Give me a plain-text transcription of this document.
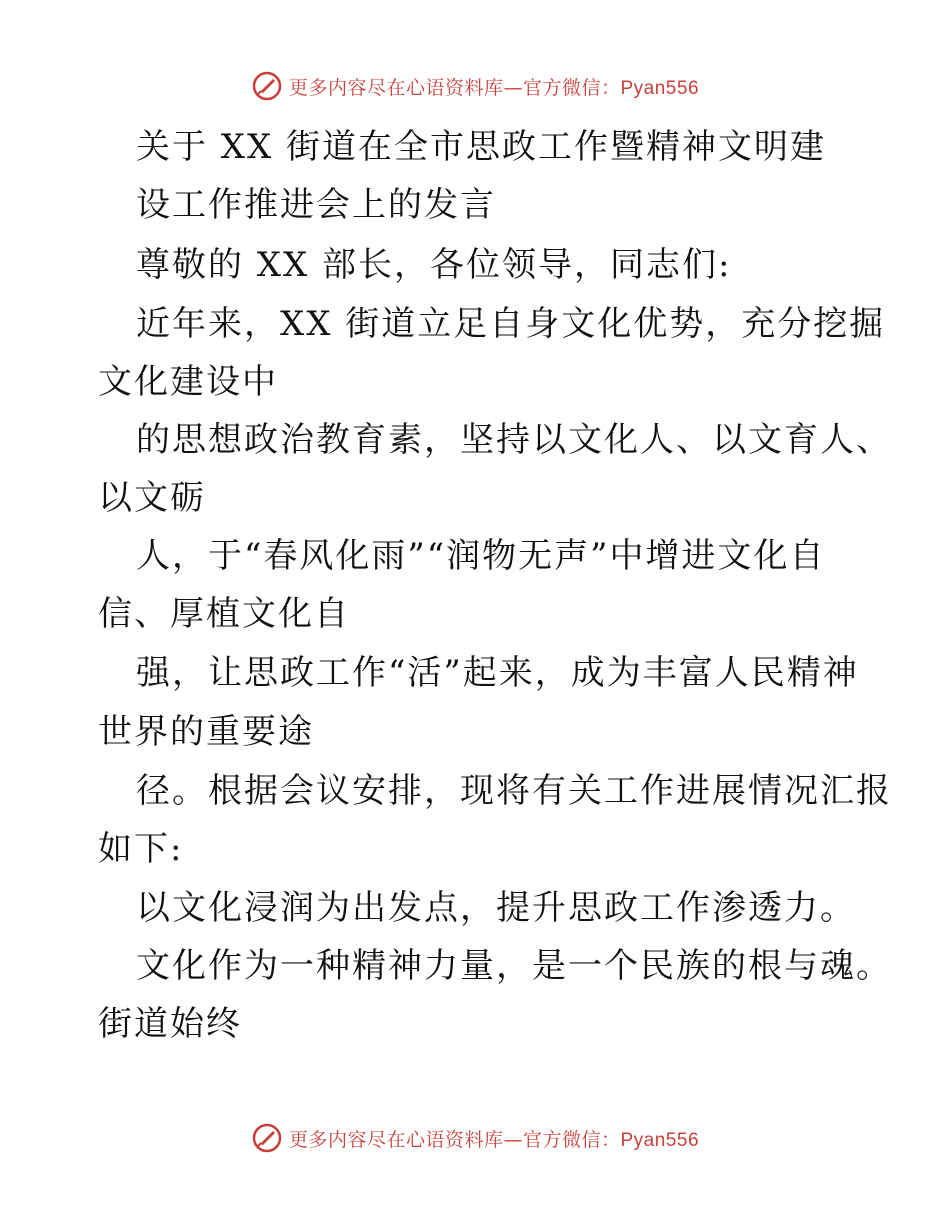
更多内容尽在心语资料库—官方微信：Pyan556
关于 XX 街道在全市思政工作暨精神文明建
设工作推进会上的发言
尊敬的 XX 部长，各位领导，同志们:
近年来，XX 街道立足自身文化优势，充分挖掘
文化建设中
的思想政治教育素，坚持以文化人、以文育人、
以文砺
人，于“春风化雨”“润物无声”中增进文化自
信、厚植文化自
强，让思政工作“活”起来，成为丰富人民精神
世界的重要途
径。根据会议安排，现将有关工作进展情况汇报
如下:
以文化浸润为出发点，提升思政工作渗透力。
文化作为一种精神力量，是一个民族的根与魂。
街道始终
更多内容尽在心语资料库—官方微信：Pyan556
